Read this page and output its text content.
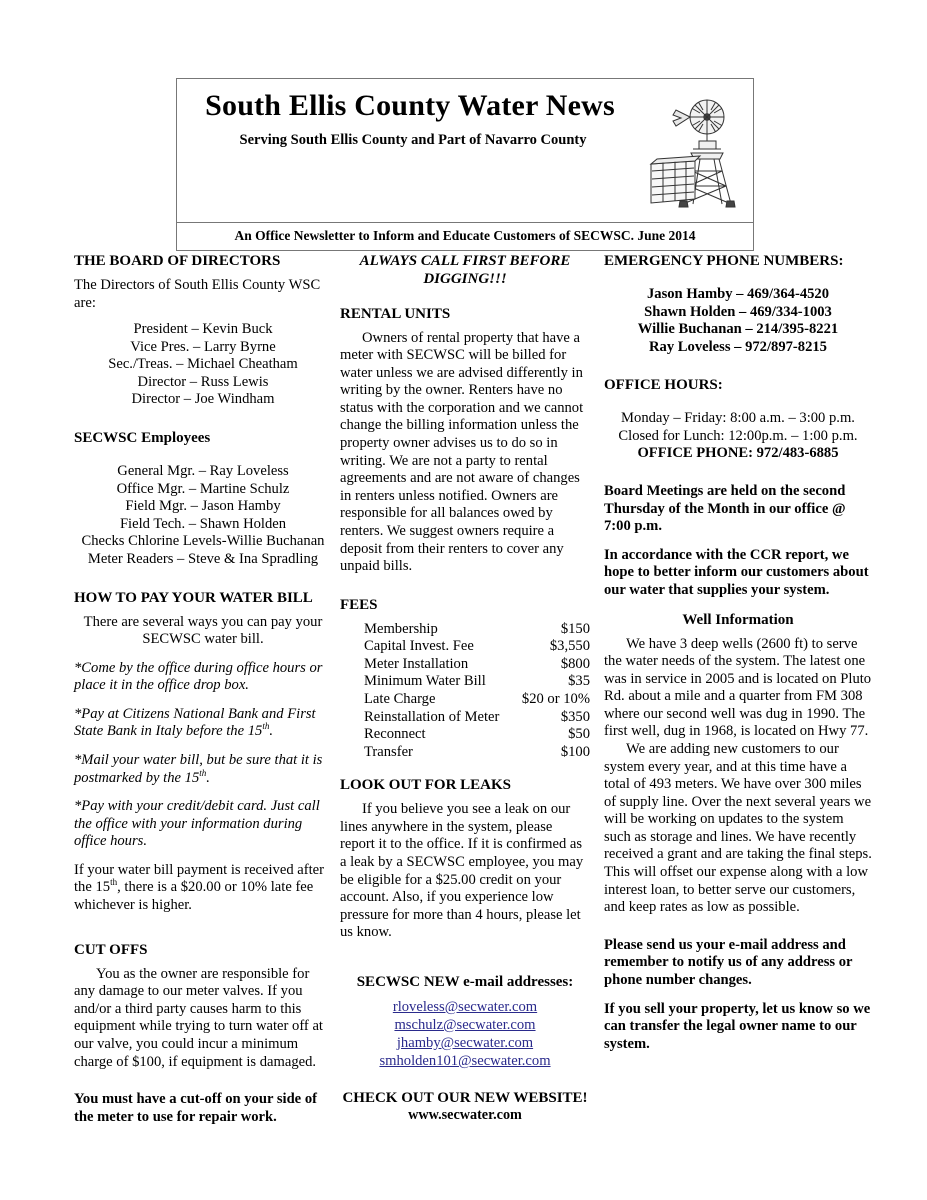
South Ellis County Water News
Serving South Ellis County and Part of Navarro County
An Office Newsletter to Inform and Educate Customers of SECWSC. June 2014
THE BOARD OF DIRECTORS

The Directors of South Ellis County WSC are:

President – Kevin Buck
Vice Pres. – Larry Byrne
Sec./Treas. – Michael Cheatham
Director – Russ Lewis
Director – Joe Windham
SECWSC Employees
General Mgr. – Ray Loveless
Office Mgr. – Martine Schulz
Field Mgr. – Jason Hamby
Field Tech. – Shawn Holden
Checks Chlorine Levels-Willie Buchanan
Meter Readers – Steve & Ina Spradling
HOW TO PAY YOUR WATER BILL

There are several ways you can pay your SECWSC water bill.

*Come by the office during office hours or place it in the office drop box.

*Pay at Citizens National Bank and First State Bank in Italy before the 15th.

*Mail your water bill, but be sure that it is postmarked by the 15th.

*Pay with your credit/debit card. Just call the office with your information during office hours.

If your water bill payment is received after the 15th, there is a $20.00 or 10% late fee whichever is higher.

CUT OFFS

You as the owner are responsible for any damage to our meter valves. If you and/or a third party causes harm to this equipment while trying to turn water off at our valve, you could incur a minimum charge of $100, if equipment is damaged.

You must have a cut-off on your side of the meter to use for repair work.

ALWAYS CALL FIRST BEFORE DIGGING!!!
RENTAL UNITS

Owners of rental property that have a meter with SECWSC will be billed for water unless we are advised differently in writing by the owner. Renters have no status with the corporation and we cannot change the billing information unless the property owner advises us to do so in writing. We are not a party to rental agreements and are not aware of changes in renters unless notified. Owners are responsible for all balances owed by renters. We suggest owners require a deposit from their renters to cover any unpaid bills.

FEES
Membership	$150
Capital Invest. Fee	$3,550
Meter Installation	$800
Minimum Water Bill	$35
Late Charge	$20 or 10%
Reinstallation of Meter	$350
Reconnect	$50
Transfer	$100
LOOK OUT FOR LEAKS

If you believe you see a leak on our lines anywhere in the system, please report it to the office. If it is confirmed as a leak by a SECWSC employee, you may be eligible for a $25.00 credit on your account. Also, if you experience low pressure for more than 4 hours, please let us know.

SECWSC NEW e-mail addresses:
rloveless@secwater.com
mschulz@secwater.com
jhamby@secwater.com
smholden101@secwater.com
CHECK OUT OUR NEW WEBSITE!
www.secwater.com
EMERGENCY PHONE NUMBERS:
Jason Hamby – 469/364-4520
Shawn Holden – 469/334-1003
Willie Buchanan – 214/395-8221
Ray Loveless – 972/897-8215
OFFICE HOURS:

Monday – Friday: 8:00 a.m. – 3:00 p.m.

Closed for Lunch: 12:00p.m. – 1:00 p.m.

OFFICE PHONE: 972/483-6885

Board Meetings are held on the second Thursday of the Month in our office @ 7:00 p.m.

In accordance with the CCR report, we hope to better inform our customers about our water that supplies your system.

Well Information

We have 3 deep wells (2600 ft) to serve the water needs of the system. The latest one was in service in 2005 and is located on Pluto Rd. about a mile and a quarter from FM 308 where our second well was dug in 1990. The first well, dug in 1968, is located on Hwy 77.

We are adding new customers to our system every year, and at this time have a total of 493 meters. We have over 300 miles of supply line. Over the next several years we will be working on updates to the system such as storage and lines. We have recently received a grant and are taking the final steps. This will offset our expense along with a low interest loan, to better serve our customers, and keep rates as low as possible.

Please send us your e-mail address and remember to notify us of any address or phone number changes.

If you sell your property, let us know so we can transfer the legal owner name to our system.
